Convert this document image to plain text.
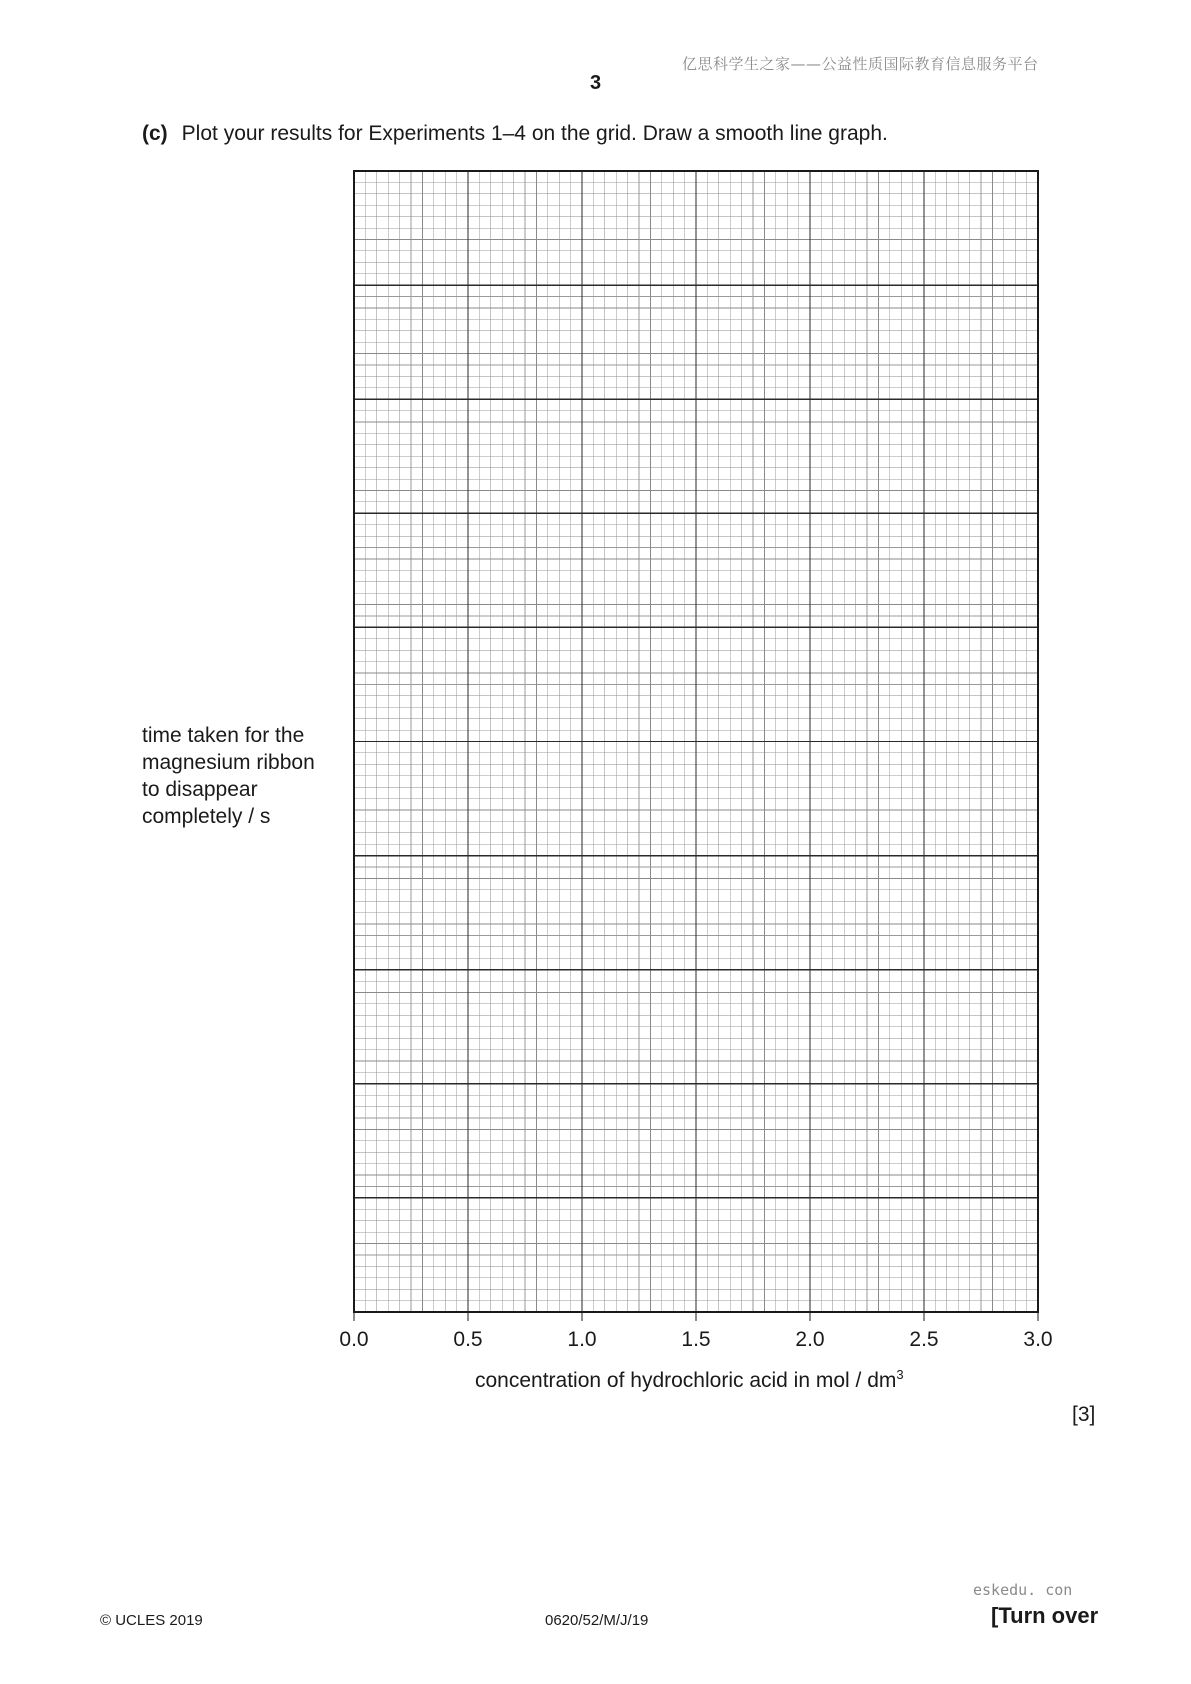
亿思科学生之家——公益性质国际教育信息服务平台
3
(c) Plot your results for Experiments 1–4 on the grid. Draw a smooth line graph.
time taken for the
magnesium ribbon
to disappear
completely / s
0.0	0.5	1.0	1.5	2.0	2.5	3.0
concentration of hydrochloric acid in mol / $dm^3$
[3]
eskedu. con
© UCLES 2019	0620/52/M/J/19	[Turn over
